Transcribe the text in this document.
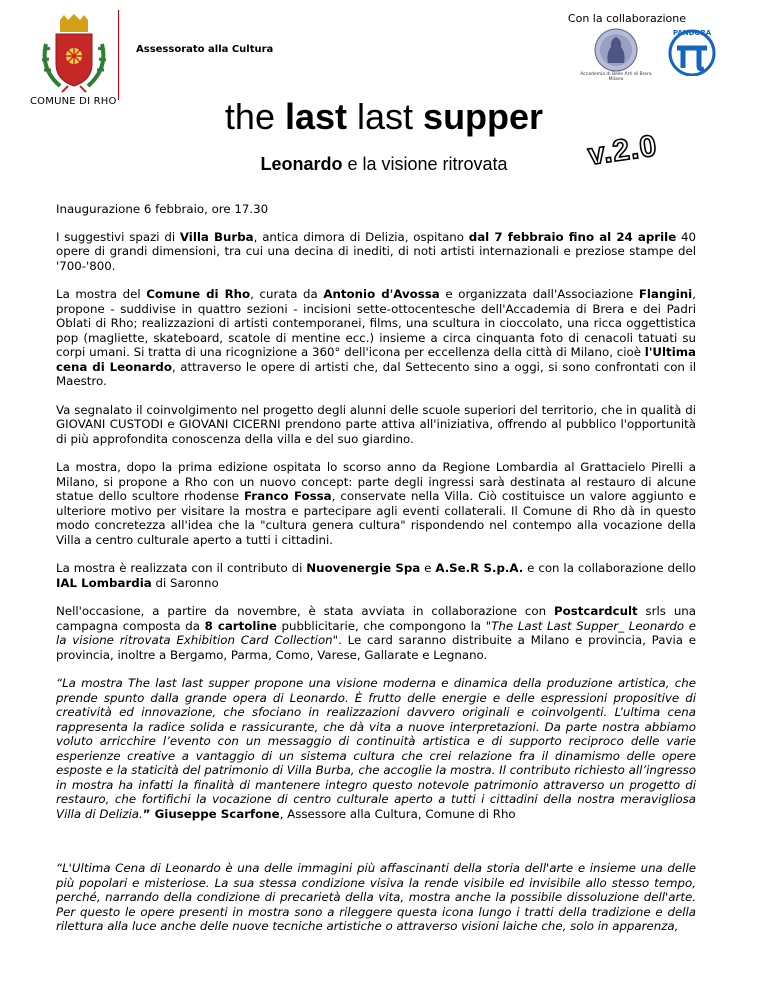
Con la collaborazione
Assessorato alla Cultura
COMUNE DI RHO
Accademia di Belle Arti di Brera Milano
PANDORA
the last last supper
v.2.0
Leonardo e la visione ritrovata

Inaugurazione 6 febbraio, ore 17.30

I suggestivi spazi di Villa Burba, antica dimora di Delizia, ospitano dal 7 febbraio fino al 24 aprile 40 opere di grandi dimensioni, tra cui una decina di inediti, di noti artisti internazionali e preziose stampe del '700-'800.

La mostra del Comune di Rho, curata da Antonio d'Avossa e organizzata dall'Associazione Flangini, propone - suddivise in quattro sezioni - incisioni sette-ottocentesche dell'Accademia di Brera e dei Padri Oblati di Rho; realizzazioni di artisti contemporanei, films, una scultura in cioccolato, una ricca oggettistica pop (magliette, skateboard, scatole di mentine ecc.) insieme a circa cinquanta foto di cenacoli tatuati su corpi umani. Si tratta di una ricognizione a 360° dell'icona per eccellenza della città di Milano, cioè l'Ultima cena di Leonardo, attraverso le opere di artisti che, dal Settecento sino a oggi, si sono confrontati con il Maestro.

Va segnalato il coinvolgimento nel progetto degli alunni delle scuole superiori del territorio, che in qualità di GIOVANI CUSTODI e GIOVANI CICERNI prendono parte attiva all'iniziativa, offrendo al pubblico l'opportunità di più approfondita conoscenza della villa e del suo giardino.

La mostra, dopo la prima edizione ospitata lo scorso anno da Regione Lombardia al Grattacielo Pirelli a Milano, si propone a Rho con un nuovo concept: parte degli ingressi sarà destinata al restauro di alcune statue dello scultore rhodense Franco Fossa, conservate nella Villa. Ciò costituisce un valore aggiunto e ulteriore motivo per visitare la mostra e partecipare agli eventi collaterali. Il Comune di Rho dà in questo modo concretezza all'idea che la "cultura genera cultura" rispondendo nel contempo alla vocazione della Villa a centro culturale aperto a tutti i cittadini.

La mostra è realizzata con il contributo di Nuovenergie Spa e A.Se.R S.p.A. e con la collaborazione dello IAL Lombardia di Saronno

Nell'occasione, a partire da novembre, è stata avviata in collaborazione con Postcardcult srls una campagna composta da 8 cartoline pubblicitarie, che compongono la "The Last Last Supper_ Leonardo e la visione ritrovata Exhibition Card Collection". Le card saranno distribuite a Milano e provincia, Pavia e provincia, inoltre a Bergamo, Parma, Como, Varese, Gallarate e Legnano.

“La mostra The last last supper propone una visione moderna e dinamica della produzione artistica, che prende spunto dalla grande opera di Leonardo. È frutto delle energie e delle espressioni propositive di creatività ed innovazione, che sfociano in realizzazioni davvero originali e coinvolgenti. L’ultima cena rappresenta la radice solida e rassicurante, che dà vita a nuove interpretazioni. Da parte nostra abbiamo voluto arricchire l’evento con un messaggio di continuità artistica e di supporto reciproco delle varie esperienze creative a vantaggio di un sistema cultura che crei relazione fra il dinamismo delle opere esposte e la staticità del patrimonio di Villa Burba, che accoglie la mostra. Il contributo richiesto all’ingresso in mostra ha infatti la finalità di mantenere integro questo notevole patrimonio attraverso un progetto di restauro, che fortifichi la vocazione di centro culturale aperto a tutti i cittadini della nostra meravigliosa Villa di Delizia.” Giuseppe Scarfone, Assessore alla Cultura, Comune di Rho

“L'Ultima Cena di Leonardo è una delle immagini più affascinanti della storia dell'arte e insieme una delle più popolari e misteriose. La sua stessa condizione visiva la rende visibile ed invisibile allo stesso tempo, perché, narrando della condizione di precarietà della vita, mostra anche la possibile dissoluzione dell'arte. Per questo le opere presenti in mostra sono a rileggere questa icona lungo i tratti della tradizione e della rilettura alla luce anche delle nuove tecniche artistiche o attraverso visioni laiche che, solo in apparenza,
